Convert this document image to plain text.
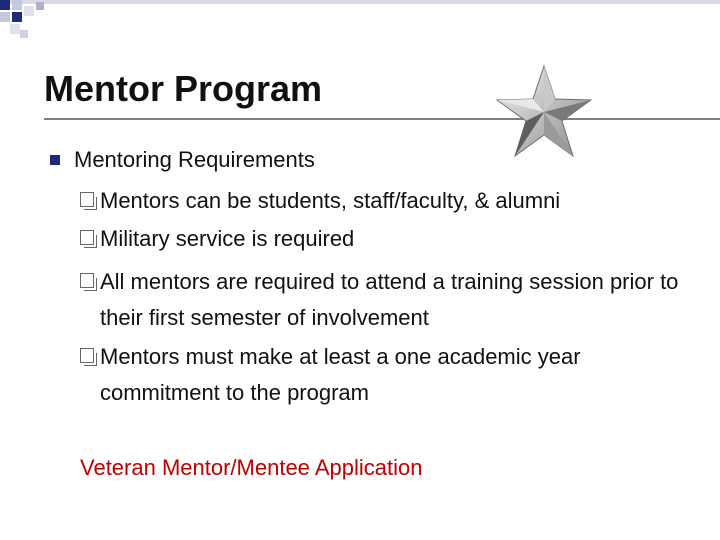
Mentor Program
Mentoring Requirements
Mentors can be students, staff/faculty, & alumni
Military service is required
All mentors are required to attend a training session prior to their first semester of involvement
Mentors must make at least a one academic year commitment to the program
Veteran Mentor/Mentee Application
